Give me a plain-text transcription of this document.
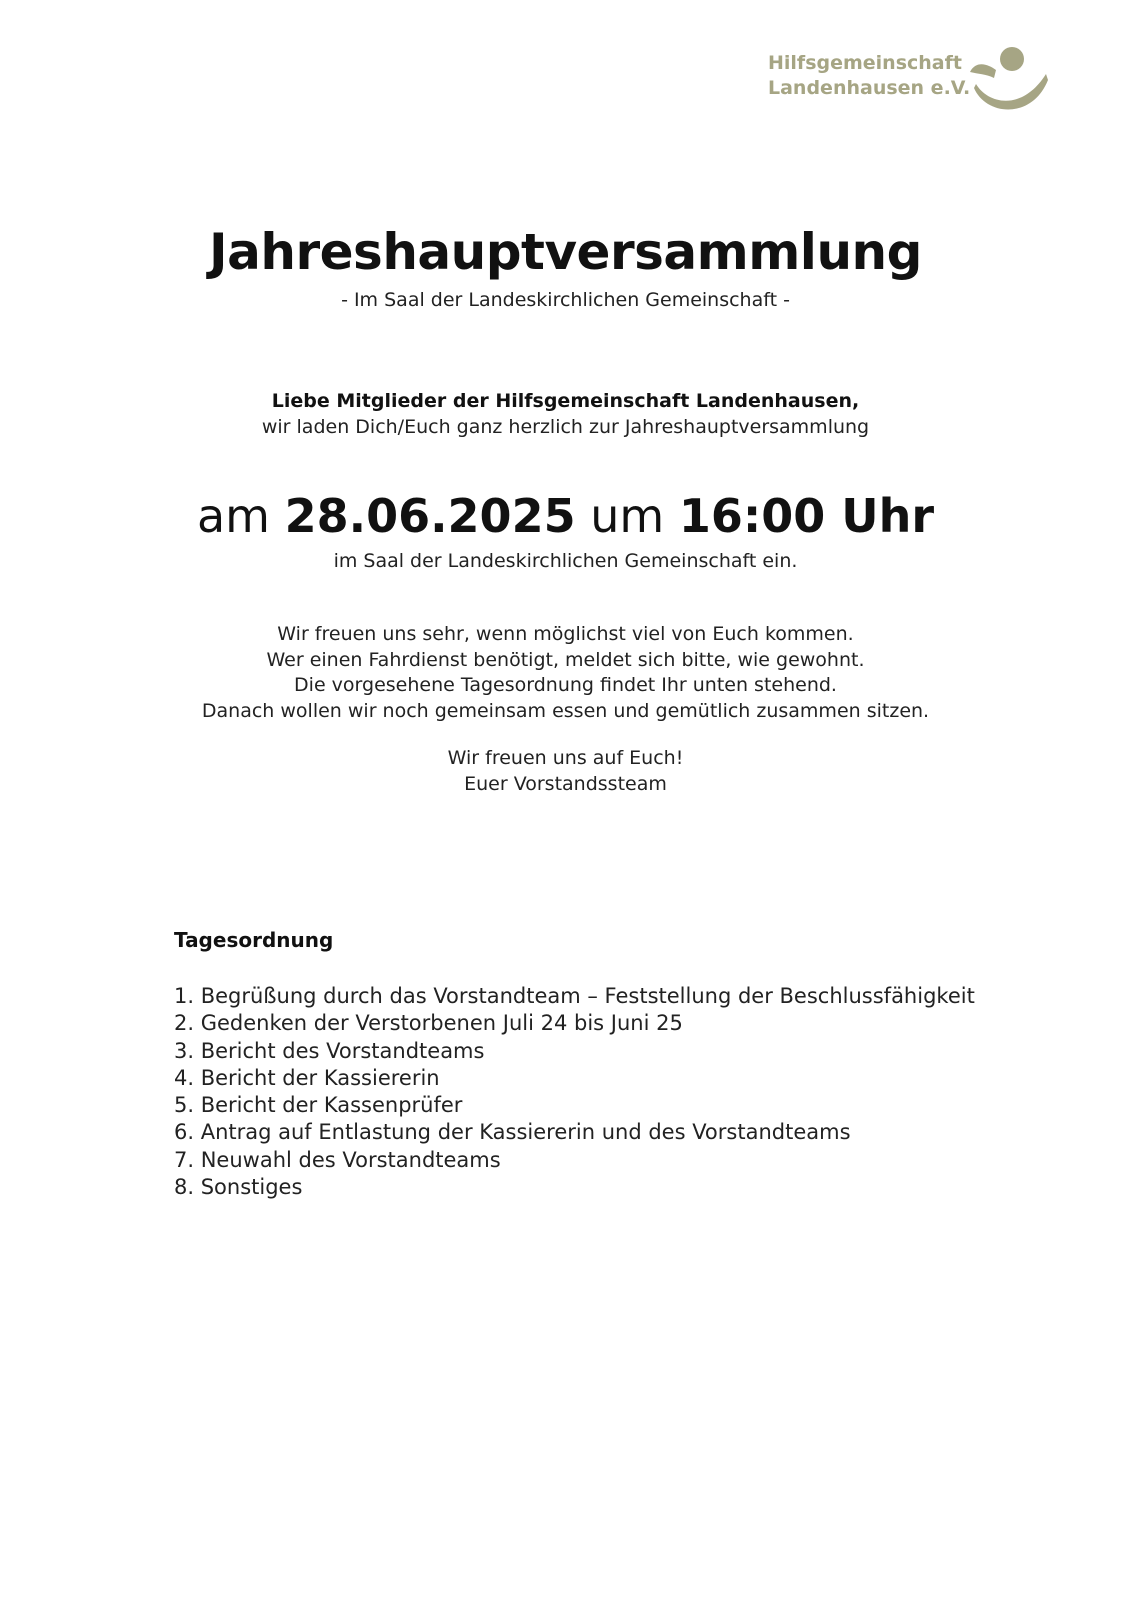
Hilfsgemeinschaft
Landenhausen e.V.
Jahreshauptversammlung
- Im Saal der Landeskirchlichen Gemeinschaft -
Liebe Mitglieder der Hilfsgemeinschaft Landenhausen,
wir laden Dich/Euch ganz herzlich zur Jahreshauptversammlung
am 28.06.2025 um 16:00 Uhr
im Saal der Landeskirchlichen Gemeinschaft ein.
Wir freuen uns sehr, wenn möglichst viel von Euch kommen.
Wer einen Fahrdienst benötigt, meldet sich bitte, wie gewohnt.
Die vorgesehene Tagesordnung findet Ihr unten stehend.
Danach wollen wir noch gemeinsam essen und gemütlich zusammen sitzen.
Wir freuen uns auf Euch!
Euer Vorstandssteam
Tagesordnung
1. Begrüßung durch das Vorstandteam – Feststellung der Beschlussfähigkeit
2. Gedenken der Verstorbenen Juli 24 bis Juni 25
3. Bericht des Vorstandteams
4. Bericht der Kassiererin
5. Bericht der Kassenprüfer
6. Antrag auf Entlastung der Kassiererin und des Vorstandteams
7. Neuwahl des Vorstandteams
8. Sonstiges
